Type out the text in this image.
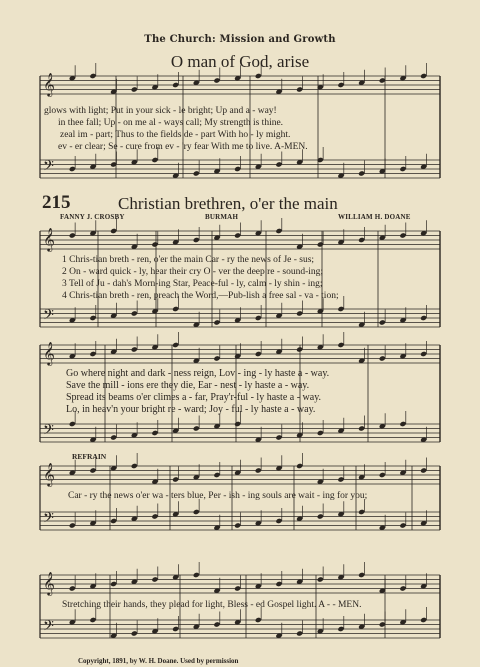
𝄞
𝄢
𝄞
𝄢
𝄞
𝄢
𝄞
𝄢
𝄞
𝄢
The Church: Mission and Growth
O man of God, arise
glows with light; Put in your sick - le bright; Up and a - way!
in thee fall; Up - on me al - ways call; My strength is thine.
zeal im - part; Thus to the fields de - part With ho - ly might.
ev - er clear; Se - cure from ev - 'ry fear With me to live. A-MEN.
215	Christian brethren, o'er the main
FANNY J. CROSBY	BURMAH	WILLIAM H. DOANE
1 Chris-tian breth - ren, o'er the main Car - ry the news of Je - sus;
2 On - ward quick - ly, hear their cry O - ver the deep re - sound-ing;
3 Tell of Ju - dah's Morn-ing Star, Peace-ful - ly, calm - ly shin - ing;
4 Chris-tian breth - ren, preach the Word,—Pub-lish a free sal - va - tion;
Go where night and dark - ness reign, Lov - ing - ly haste a - way.
Save the mill - ions ere they die, Ear - nest - ly haste a - way.
Spread its beams o'er climes a - far, Pray'r-ful - ly haste a - way.
Lo, in heav'n your bright re - ward; Joy - ful - ly haste a - way.
REFRAIN
Car - ry the news o'er wa - ters blue, Per - ish - ing souls are wait - ing for you;
Stretching their hands, they plead for light, Bless - ed Gospel light. A - - MEN.
Copyright, 1891, by W. H. Doane. Used by permission
